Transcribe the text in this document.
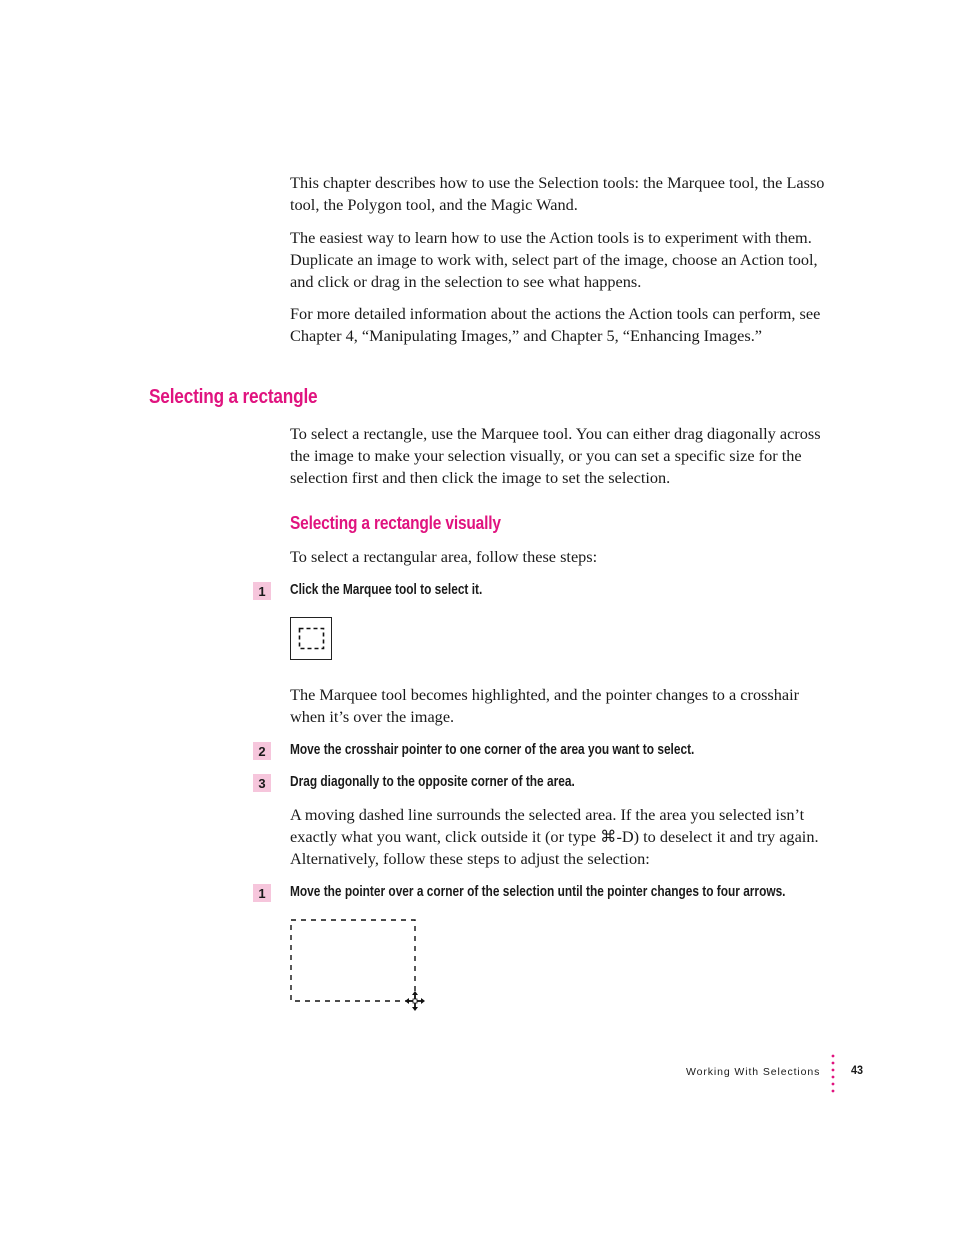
This chapter describes how to use the Selection tools: the Marquee tool, the Lasso tool, the Polygon tool, and the Magic Wand.

The easiest way to learn how to use the Action tools is to experiment with them. Duplicate an image to work with, select part of the image, choose an Action tool, and click or drag in the selection to see what happens.

For more detailed information about the actions the Action tools can perform, see Chapter 4, “Manipulating Images,” and Chapter 5, “Enhancing Images.”

Selecting a rectangle

To select a rectangle, use the Marquee tool. You can either drag diagonally across the image to make your selection visually, or you can set a specific size for the selection first and then click the image to set the selection.

Selecting a rectangle visually

To select a rectangular area, follow these steps:

1	Click the Marquee tool to select it.

The Marquee tool becomes highlighted, and the pointer changes to a crosshair when it’s over the image.

2	Move the crosshair pointer to one corner of the area you want to select.
3	Drag diagonally to the opposite corner of the area.

A moving dashed line surrounds the selected area. If the area you selected isn’t exactly what you want, click outside it (or type ⌘-D) to deselect it and try again. Alternatively, follow these steps to adjust the selection:

1	Move the pointer over a corner of the selection until the pointer changes to four arrows.
Working With Selections	43
